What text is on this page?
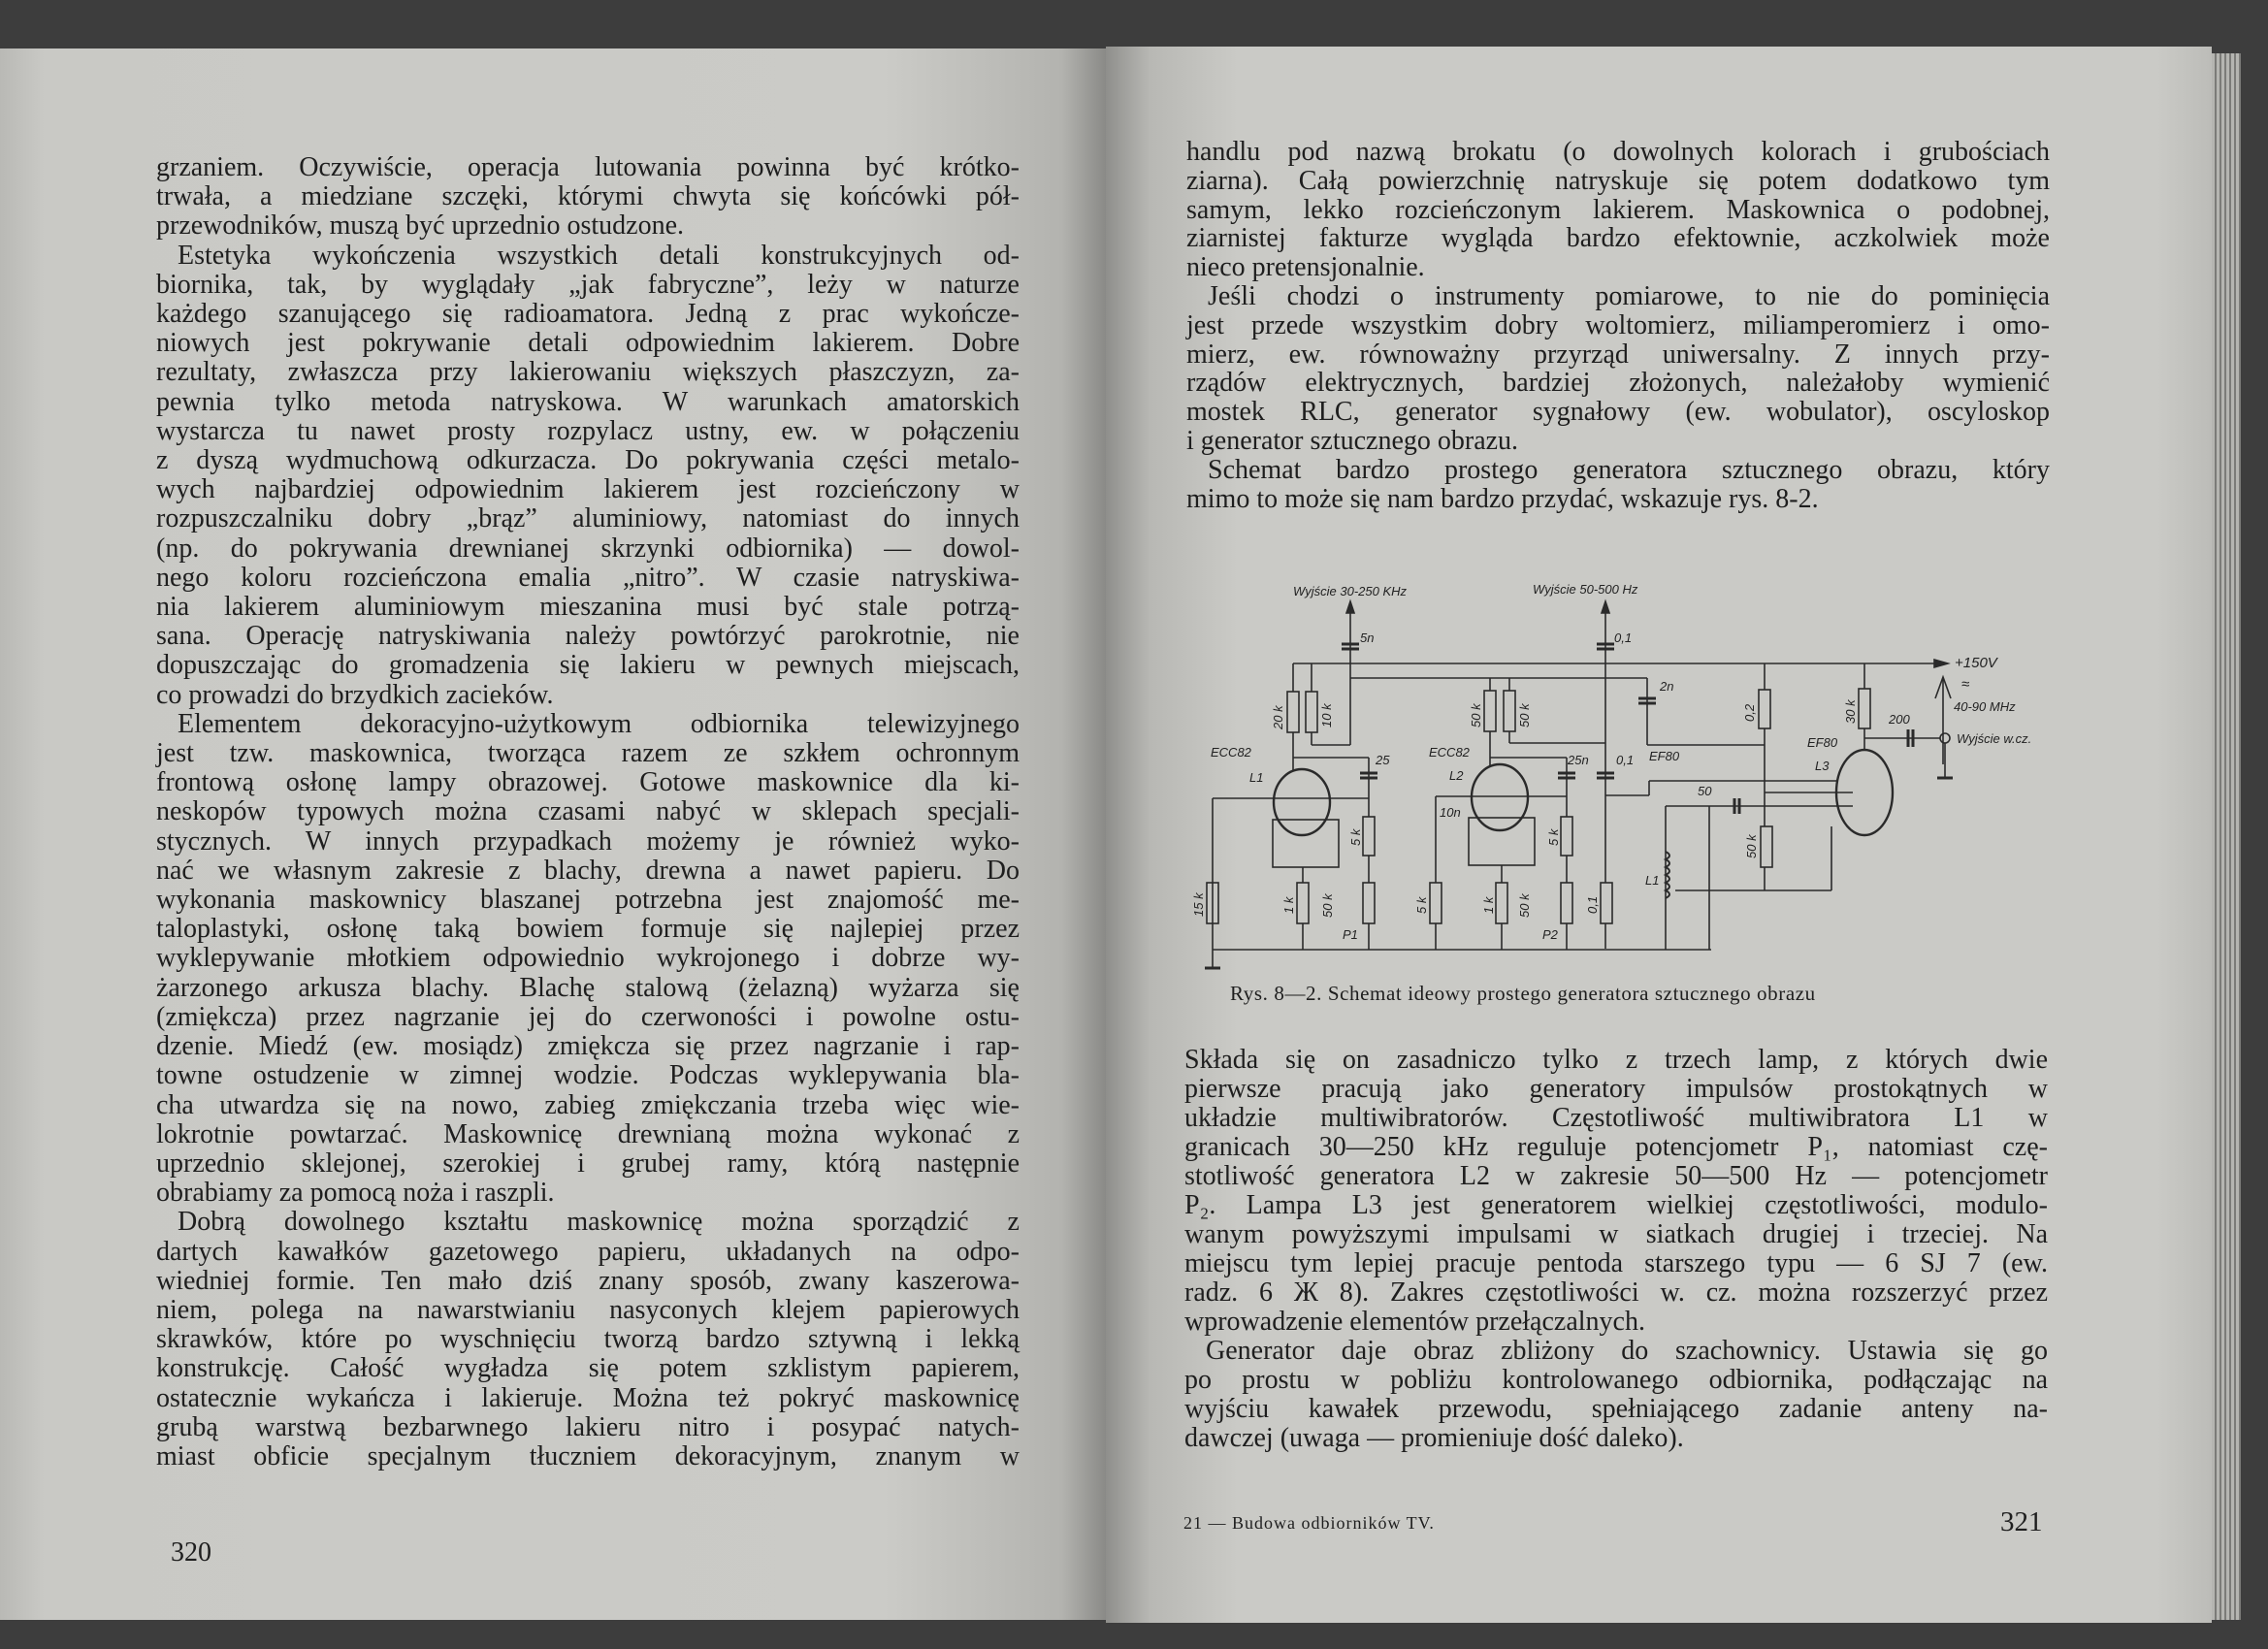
grzaniem. Oczywiście, operacja lutowania powinna być krótko-
trwała, a miedziane szczęki, którymi chwyta się końcówki pół-
przewodników, muszą być uprzednio ostudzone.
Estetyka wykończenia wszystkich detali konstrukcyjnych od-
biornika, tak, by wyglądały „jak fabryczne”, leży w naturze
każdego szanującego się radioamatora. Jedną z prac wykończe-
niowych jest pokrywanie detali odpowiednim lakierem. Dobre
rezultaty, zwłaszcza przy lakierowaniu większych płaszczyzn, za-
pewnia tylko metoda natryskowa. W warunkach amatorskich
wystarcza tu nawet prosty rozpylacz ustny, ew. w połączeniu
z dyszą wydmuchową odkurzacza. Do pokrywania części metalo-
wych najbardziej odpowiednim lakierem jest rozcieńczony w
rozpuszczalniku dobry „brąz” aluminiowy, natomiast do innych
(np. do pokrywania drewnianej skrzynki odbiornika) — dowol-
nego koloru rozcieńczona emalia „nitro”. W czasie natryskiwa-
nia lakierem aluminiowym mieszanina musi być stale potrzą-
sana. Operację natryskiwania należy powtórzyć parokrotnie, nie
dopuszczając do gromadzenia się lakieru w pewnych miejscach,
co prowadzi do brzydkich zacieków.
Elementem dekoracyjno-użytkowym odbiornika telewizyjnego
jest tzw. maskownica, tworząca razem ze szkłem ochronnym
frontową osłonę lampy obrazowej. Gotowe maskownice dla ki-
neskopów typowych można czasami nabyć w sklepach specjali-
stycznych. W innych przypadkach możemy je również wyko-
nać we własnym zakresie z blachy, drewna a nawet papieru. Do
wykonania maskownicy blaszanej potrzebna jest znajomość me-
taloplastyki, osłonę taką bowiem formuje się najlepiej przez
wyklepywanie młotkiem odpowiednio wykrojonego i dobrze wy-
żarzonego arkusza blachy. Blachę stalową (żelazną) wyżarza się
(zmiękcza) przez nagrzanie jej do czerwoności i powolne ostu-
dzenie. Miedź (ew. mosiądz) zmiękcza się przez nagrzanie i rap-
towne ostudzenie w zimnej wodzie. Podczas wyklepywania bla-
cha utwardza się na nowo, zabieg zmiękczania trzeba więc wie-
lokrotnie powtarzać. Maskownicę drewnianą można wykonać z
uprzednio sklejonej, szerokiej i grubej ramy, którą następnie
obrabiamy za pomocą noża i raszpli.
Dobrą dowolnego kształtu maskownicę można sporządzić z
dartych kawałków gazetowego papieru, układanych na odpo-
wiedniej formie. Ten mało dziś znany sposób, zwany kaszerowa-
niem, polega na nawarstwianiu nasyconych klejem papierowych
skrawków, które po wyschnięciu tworzą bardzo sztywną i lekką
konstrukcję. Całość wygładza się potem szklistym papierem,
ostatecznie wykańcza i lakieruje. Można też pokryć maskownicę
grubą warstwą bezbarwnego lakieru nitro i posypać natych-
miast obficie specjalnym tłuczniem dekoracyjnym, znanym w
handlu pod nazwą brokatu (o dowolnych kolorach i grubościach
ziarna). Całą powierzchnię natryskuje się potem dodatkowo tym
samym, lekko rozcieńczonym lakierem. Maskownica o podobnej,
ziarnistej fakturze wygląda bardzo efektownie, aczkolwiek może
nieco pretensjonalnie.
Jeśli chodzi o instrumenty pomiarowe, to nie do pominięcia
jest przede wszystkim dobry woltomierz, miliamperomierz i omo-
mierz, ew. równoważny przyrząd uniwersalny. Z innych przy-
rządów elektrycznych, bardziej złożonych, należałoby wymienić
mostek RLC, generator sygnałowy (ew. wobulator), oscyloskop
i generator sztucznego obrazu.
Schemat bardzo prostego generatora sztucznego obrazu, który
mimo to może się nam bardzo przydać, wskazuje rys. 8-2.
Wyjście 30-250 KHz	Wyjście 50-500 Hz
5n	0,1
+150V
≈
40-90 MHz
Wyjście w.cz.
200
20 k	10 k	50 k	50 k
2n
0,2	30 k
ECC82
L1
25
ECC82
L2
25n 0,1 EF80
EF80
L3
50
10n
5 k	5 k
5 k
15 k	1 k 50 k
P1
1 k 50 k
P2
0,1
L1
50 k
Rys. 8—2. Schemat ideowy prostego generatora sztucznego obrazu
Składa się on zasadniczo tylko z trzech lamp, z których dwie
pierwsze pracują jako generatory impulsów prostokątnych w
układzie multiwibratorów. Częstotliwość multiwibratora L1 w
granicach 30—250 kHz reguluje potencjometr P₁, natomiast czę-
stotliwość generatora L2 w zakresie 50—500 Hz — potencjometr
P₂. Lampa L3 jest generatorem wielkiej częstotliwości, modulo-
wanym powyższymi impulsami w siatkach drugiej i trzeciej. Na
miejscu tym lepiej pracuje pentoda starszego typu — 6 SJ 7 (ew.
radz. 6 Ж 8). Zakres częstotliwości w. cz. można rozszerzyć przez
wprowadzenie elementów przełączalnych.
Generator daje obraz zbliżony do szachownicy. Ustawia się go
po prostu w pobliżu kontrolowanego odbiornika, podłączając na
wyjściu kawałek przewodu, spełniającego zadanie anteny na-
dawczej (uwaga — promieniuje dość daleko).
320
21 — Budowa odbiorników TV.	321
